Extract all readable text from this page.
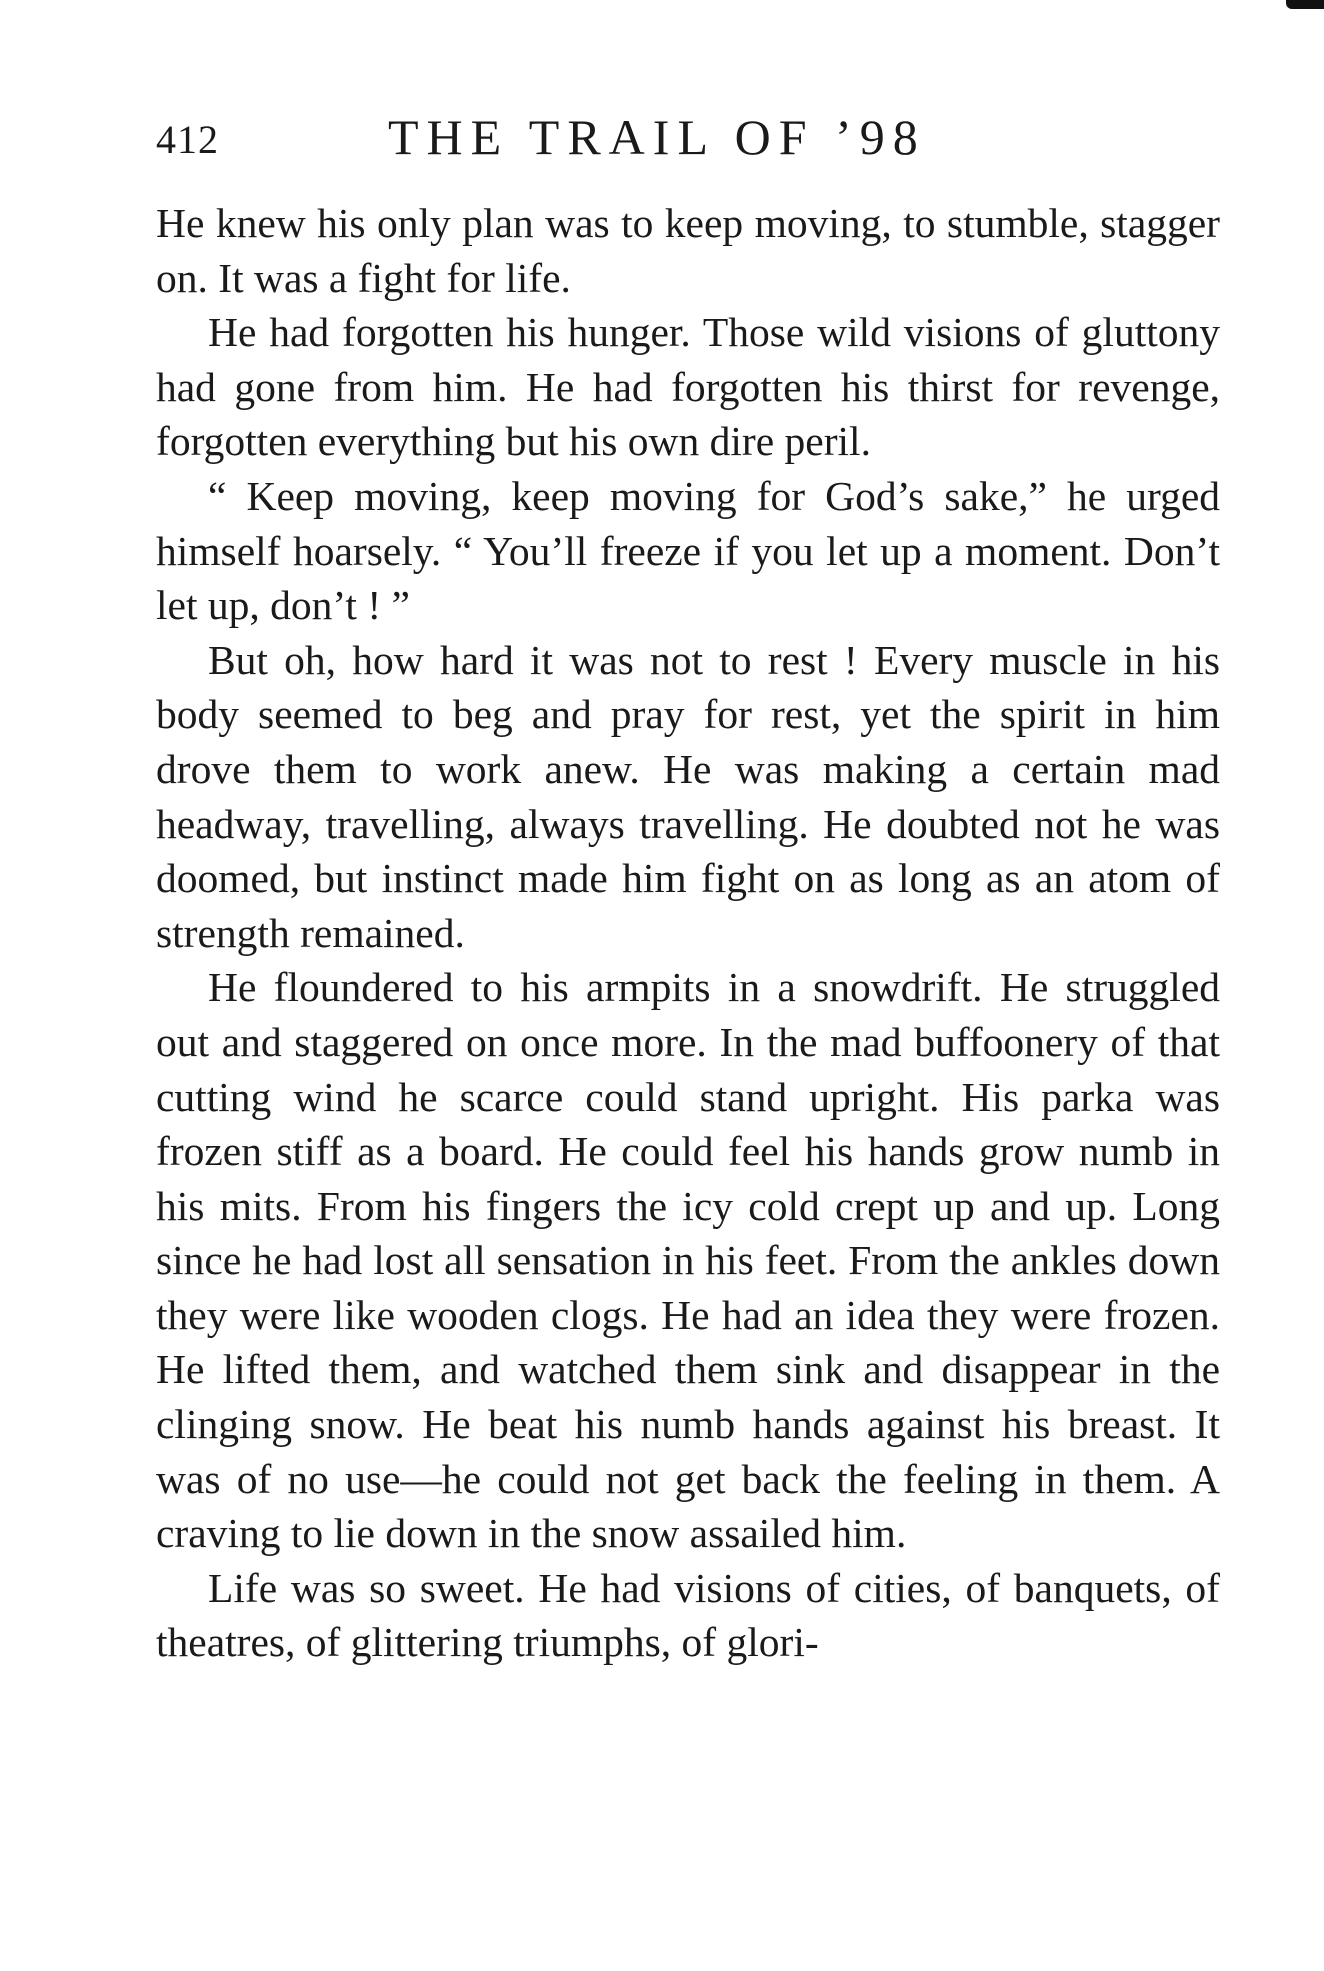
412	THE TRAIL OF ’98

He knew his only plan was to keep moving, to stumble, stagger on. It was a fight for life.

He had forgotten his hunger. Those wild visions of gluttony had gone from him. He had forgotten his thirst for revenge, forgotten everything but his own dire peril.

“ Keep moving, keep moving for God’s sake,” he urged himself hoarsely. “ You’ll freeze if you let up a moment. Don’t let up, don’t ! ”

But oh, how hard it was not to rest ! Every muscle in his body seemed to beg and pray for rest, yet the spirit in him drove them to work anew. He was making a certain mad headway, travelling, always travelling. He doubted not he was doomed, but instinct made him fight on as long as an atom of strength remained.

He floundered to his armpits in a snowdrift. He struggled out and staggered on once more. In the mad buffoonery of that cutting wind he scarce could stand upright. His parka was frozen stiff as a board. He could feel his hands grow numb in his mits. From his fingers the icy cold crept up and up. Long since he had lost all sensation in his feet. From the ankles down they were like wooden clogs. He had an idea they were frozen. He lifted them, and watched them sink and disappear in the clinging snow. He beat his numb hands against his breast. It was of no use—he could not get back the feeling in them. A craving to lie down in the snow assailed him.

Life was so sweet. He had visions of cities, of banquets, of theatres, of glittering triumphs, of glori-
